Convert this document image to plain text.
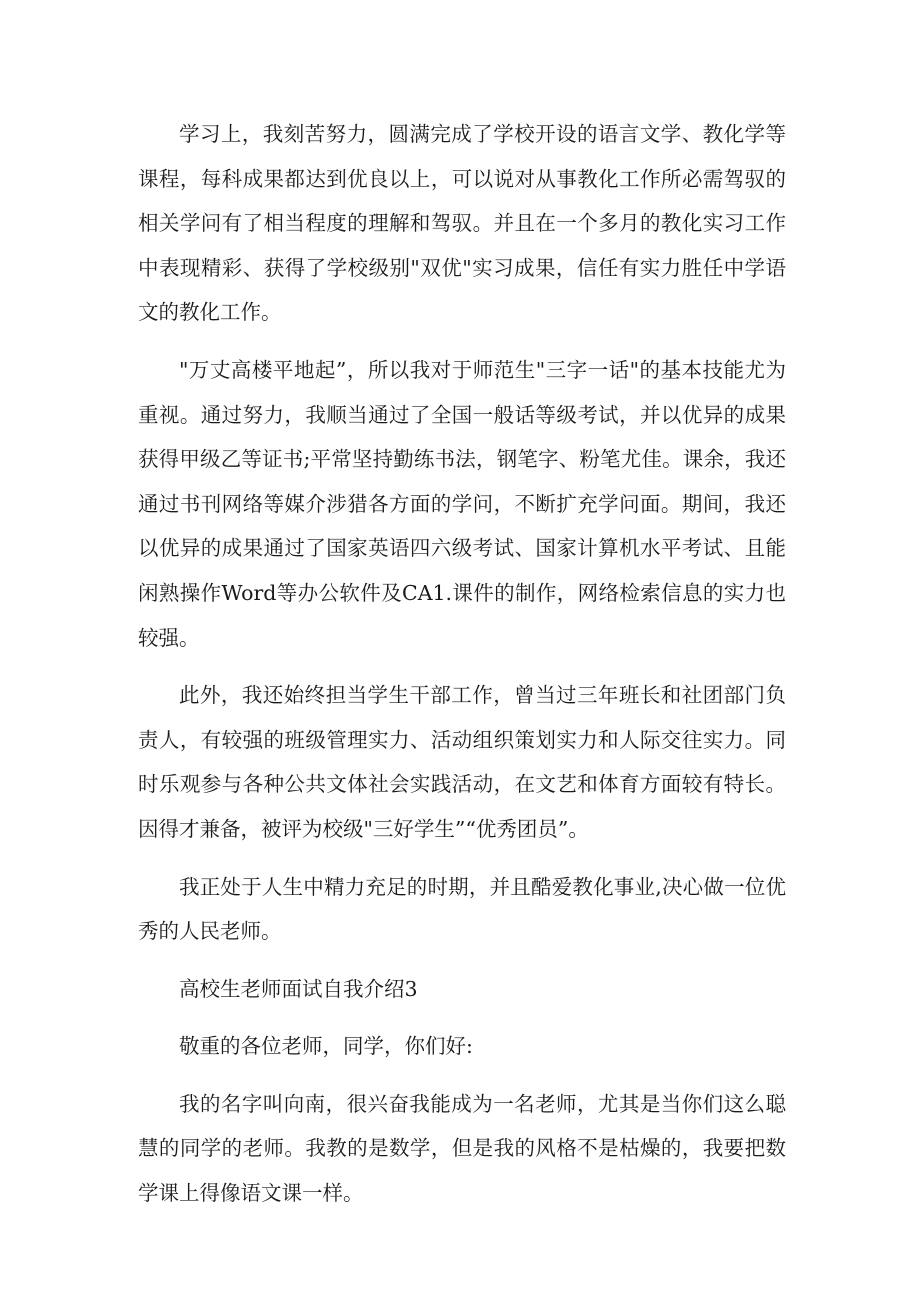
学习上，我刻苦努力，圆满完成了学校开设的语言文学、教化学等课程，每科成果都达到优良以上，可以说对从事教化工作所必需驾驭的相关学问有了相当程度的理解和驾驭。并且在一个多月的教化实习工作中表现精彩、获得了学校级别"双优"实习成果，信任有实力胜任中学语文的教化工作。

"万丈高楼平地起”，所以我对于师范生"三字一话"的基本技能尤为重视。通过努力，我顺当通过了全国一般话等级考试，并以优异的成果获得甲级乙等证书;平常坚持勤练书法，钢笔字、粉笔尤佳。课余，我还通过书刊网络等媒介涉猎各方面的学问，不断扩充学问面。期间，我还以优异的成果通过了国家英语四六级考试、国家计算机水平考试、且能闲熟操作Word等办公软件及CA1.课件的制作，网络检索信息的实力也较强。

此外，我还始终担当学生干部工作，曾当过三年班长和社团部门负责人，有较强的班级管理实力、活动组织策划实力和人际交往实力。同时乐观参与各种公共文体社会实践活动，在文艺和体育方面较有特长。因得才兼备，被评为校级"三好学生”“优秀团员”。

我正处于人生中精力充足的时期，并且酷爱教化事业,决心做一位优秀的人民老师。

高校生老师面试自我介绍3

敬重的各位老师，同学，你们好:

我的名字叫向南，很兴奋我能成为一名老师，尤其是当你们这么聪慧的同学的老师。我教的是数学，但是我的风格不是枯燥的，我要把数学课上得像语文课一样。
